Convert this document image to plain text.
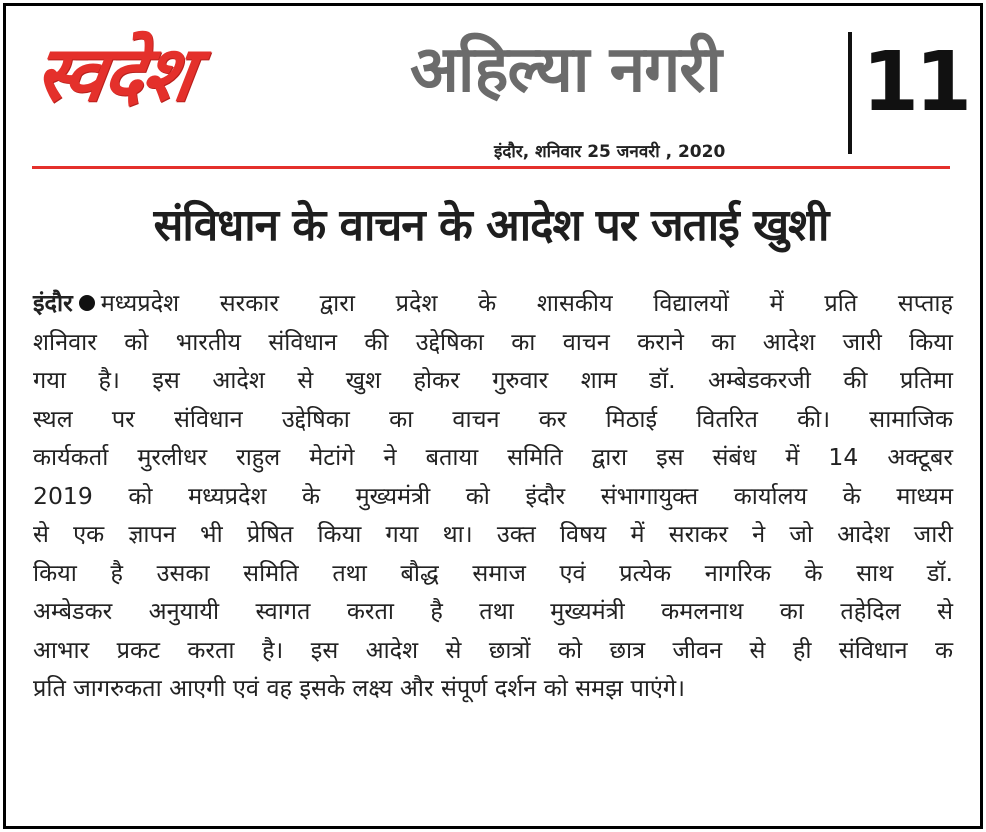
स्वदेश	अहिल्या नगरी 11
इंदौर, शनिवार 25 जनवरी , 2020
संविधान के वाचन के आदेश पर जताई खुशी
इंदौर मध्यप्रदेश सरकार द्वारा प्रदेश के शासकीय विद्यालयों में प्रति सप्ताह
शनिवार को भारतीय संविधान की उद्देषिका का वाचन कराने का आदेश जारी किया
गया है। इस आदेश से खुश होकर गुरुवार शाम डॉ. अम्बेडकरजी की प्रतिमा
स्थल पर संविधान उद्देषिका का वाचन कर मिठाई वितरित की। सामाजिक
कार्यकर्ता मुरलीधर राहुल मेटांगे ने बताया समिति द्वारा इस संबंध में 14 अक्टूबर
2019 को मध्यप्रदेश के मुख्यमंत्री को इंदौर संभागायुक्त कार्यालय के माध्यम
से एक ज्ञापन भी प्रेषित किया गया था। उक्त विषय में सराकर ने जो आदेश जारी
किया है उसका समिति तथा बौद्ध समाज एवं प्रत्येक नागरिक के साथ डॉ.
अम्बेडकर अनुयायी स्वागत करता है तथा मुख्यमंत्री कमलनाथ का तहेदिल से
आभार प्रकट करता है। इस आदेश से छात्रों को छात्र जीवन से ही संविधान क
प्रति जागरुकता आएगी एवं वह इसके लक्ष्य और संपूर्ण दर्शन को समझ पाएंगे।
